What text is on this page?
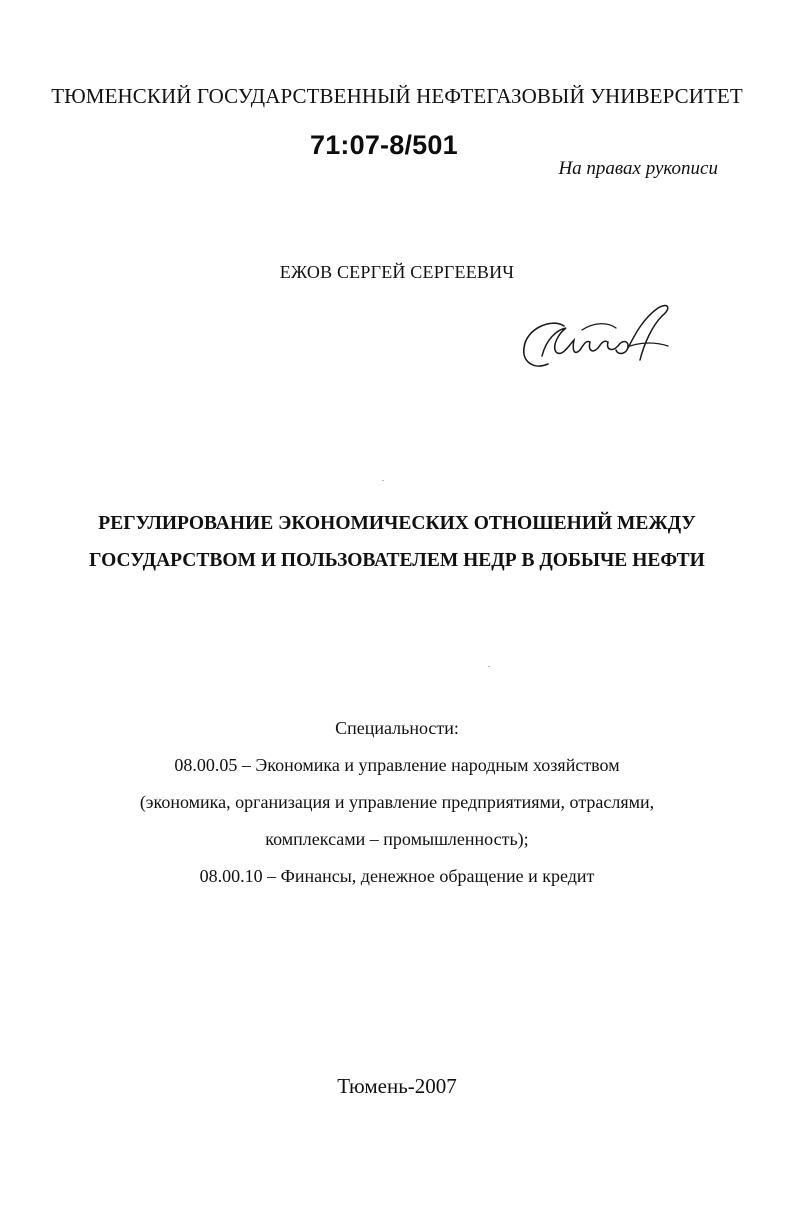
ТЮМЕНСКИЙ ГОСУДАРСТВЕННЫЙ НЕФТЕГАЗОВЫЙ УНИВЕРСИТЕТ
71:07-8/501
На правах рукописи
ЕЖОВ СЕРГЕЙ СЕРГЕЕВИЧ
РЕГУЛИРОВАНИЕ ЭКОНОМИЧЕСКИХ ОТНОШЕНИЙ МЕЖДУ
ГОСУДАРСТВОМ И ПОЛЬЗОВАТЕЛЕМ НЕДР В ДОБЫЧЕ НЕФТИ
Специальности:
08.00.05 – Экономика и управление народным хозяйством
(экономика, организация и управление предприятиями, отраслями,
комплексами – промышленность);
08.00.10 – Финансы, денежное обращение и кредит
Тюмень-2007
